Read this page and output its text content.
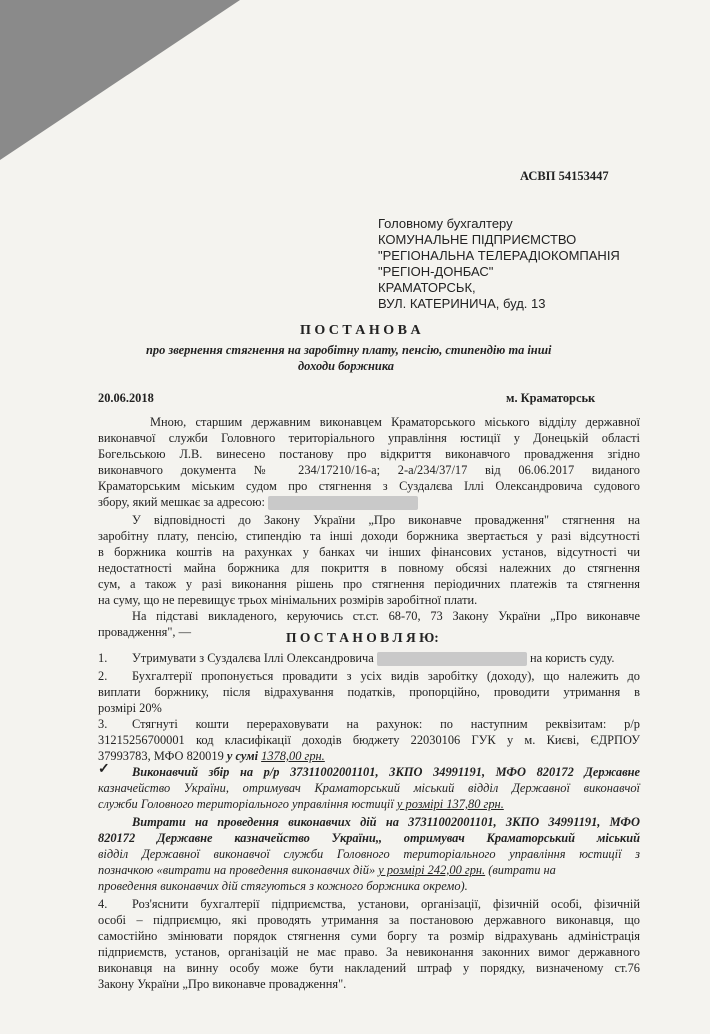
АСВП 54153447
Головному бухгалтеру
КОМУНАЛЬНЕ ПІДПРИЄМСТВО
"РЕГІОНАЛЬНА ТЕЛЕРАДІОКОМПАНІЯ
"РЕГІОН-ДОНБАС"
КРАМАТОРСЬК,
ВУЛ. КАТЕРИНИЧА, буд. 13
П О С Т А Н О В А
про звернення стягнення на заробітну плату, пенсію, стипендію та інші
доходи боржника
20.06.2018	м. Краматорськ
Мною, старшим державним виконавцем Краматорського міського відділу державної
виконавчої служби Головного територіального управління юстиції у Донецькій області
Богельською Л.В. винесено постанову про відкриття виконавчого провадження згідно
виконавчого документа № 234/17210/16-а; 2-а/234/37/17 від 06.06.2017 виданого
Краматорським міським судом про стягнення з Суздалєва Іллі Олександровича судового
збору, який мешкає за адресою:
У відповідності до Закону України „Про виконавче провадження" стягнення на
заробітну плату, пенсію, стипендію та інші доходи боржника звертається у разі відсутності
в боржника коштів на рахунках у банках чи інших фінансових установ, відсутності чи
недостатності майна боржника для покриття в повному обсязі належних до стягнення
сум, а також у разі виконання рішень про стягнення періодичних платежів та стягнення
на суму, що не перевищує трьох мінімальних розмірів заробітної плати.
На підставі викладеного, керуючись ст.ст. 68-70, 73 Закону України „Про виконавче
провадження", —	П О С Т А Н О В Л Я Ю:
1. Утримувати з Суздалєва Іллі Олександровича	на користь суду.
2. Бухгалтерії пропонується провадити з усіх видів заробітку (доходу), що належить до
виплати боржнику, після відрахування податків, пропорційно, проводити утримання в
розмірі 20%
3. Стягнуті кошти перераховувати на рахунок: по наступним реквізитам: р/р
31215256700001 код класифікації доходів бюджету 22030106 ГУК у м. Києві, ЄДРПОУ
37993783, МФО 820019 у сумі 1378,00 грн.
✓ Виконавчий збір на р/р 37311002001101, ЗКПО 34991191, МФО 820172 Державне
казначейство України, отримувач Краматорський міський відділ Державної виконавчої
служби Головного територіального управління юстиції у розмірі 137,80 грн.
Витрати на проведення виконавчих дій на 37311002001101, ЗКПО 34991191, МФО
820172 Державне казначейство України,, отримувач Краматорський міський
відділ Державної виконавчої служби Головного територіального управління юстиції з
позначкою «витрати на проведення виконавчих дій» у розмірі 242,00 грн. (витрати на
проведення виконавчих дій стягуються з кожного боржника окремо).
4. Роз'яснити бухгалтерії підприємства, установи, організації, фізичній особі, фізичній
особі – підприємцю, які проводять утримання за постановою державного виконавця, що
самостійно змінювати порядок стягнення суми боргу та розмір відрахувань адміністрація
підприємств, установ, організацій не має право. За невиконання законних вимог державного
виконавця на винну особу може бути накладений штраф у порядку, визначеному ст.76
Закону України „Про виконавче провадження".
